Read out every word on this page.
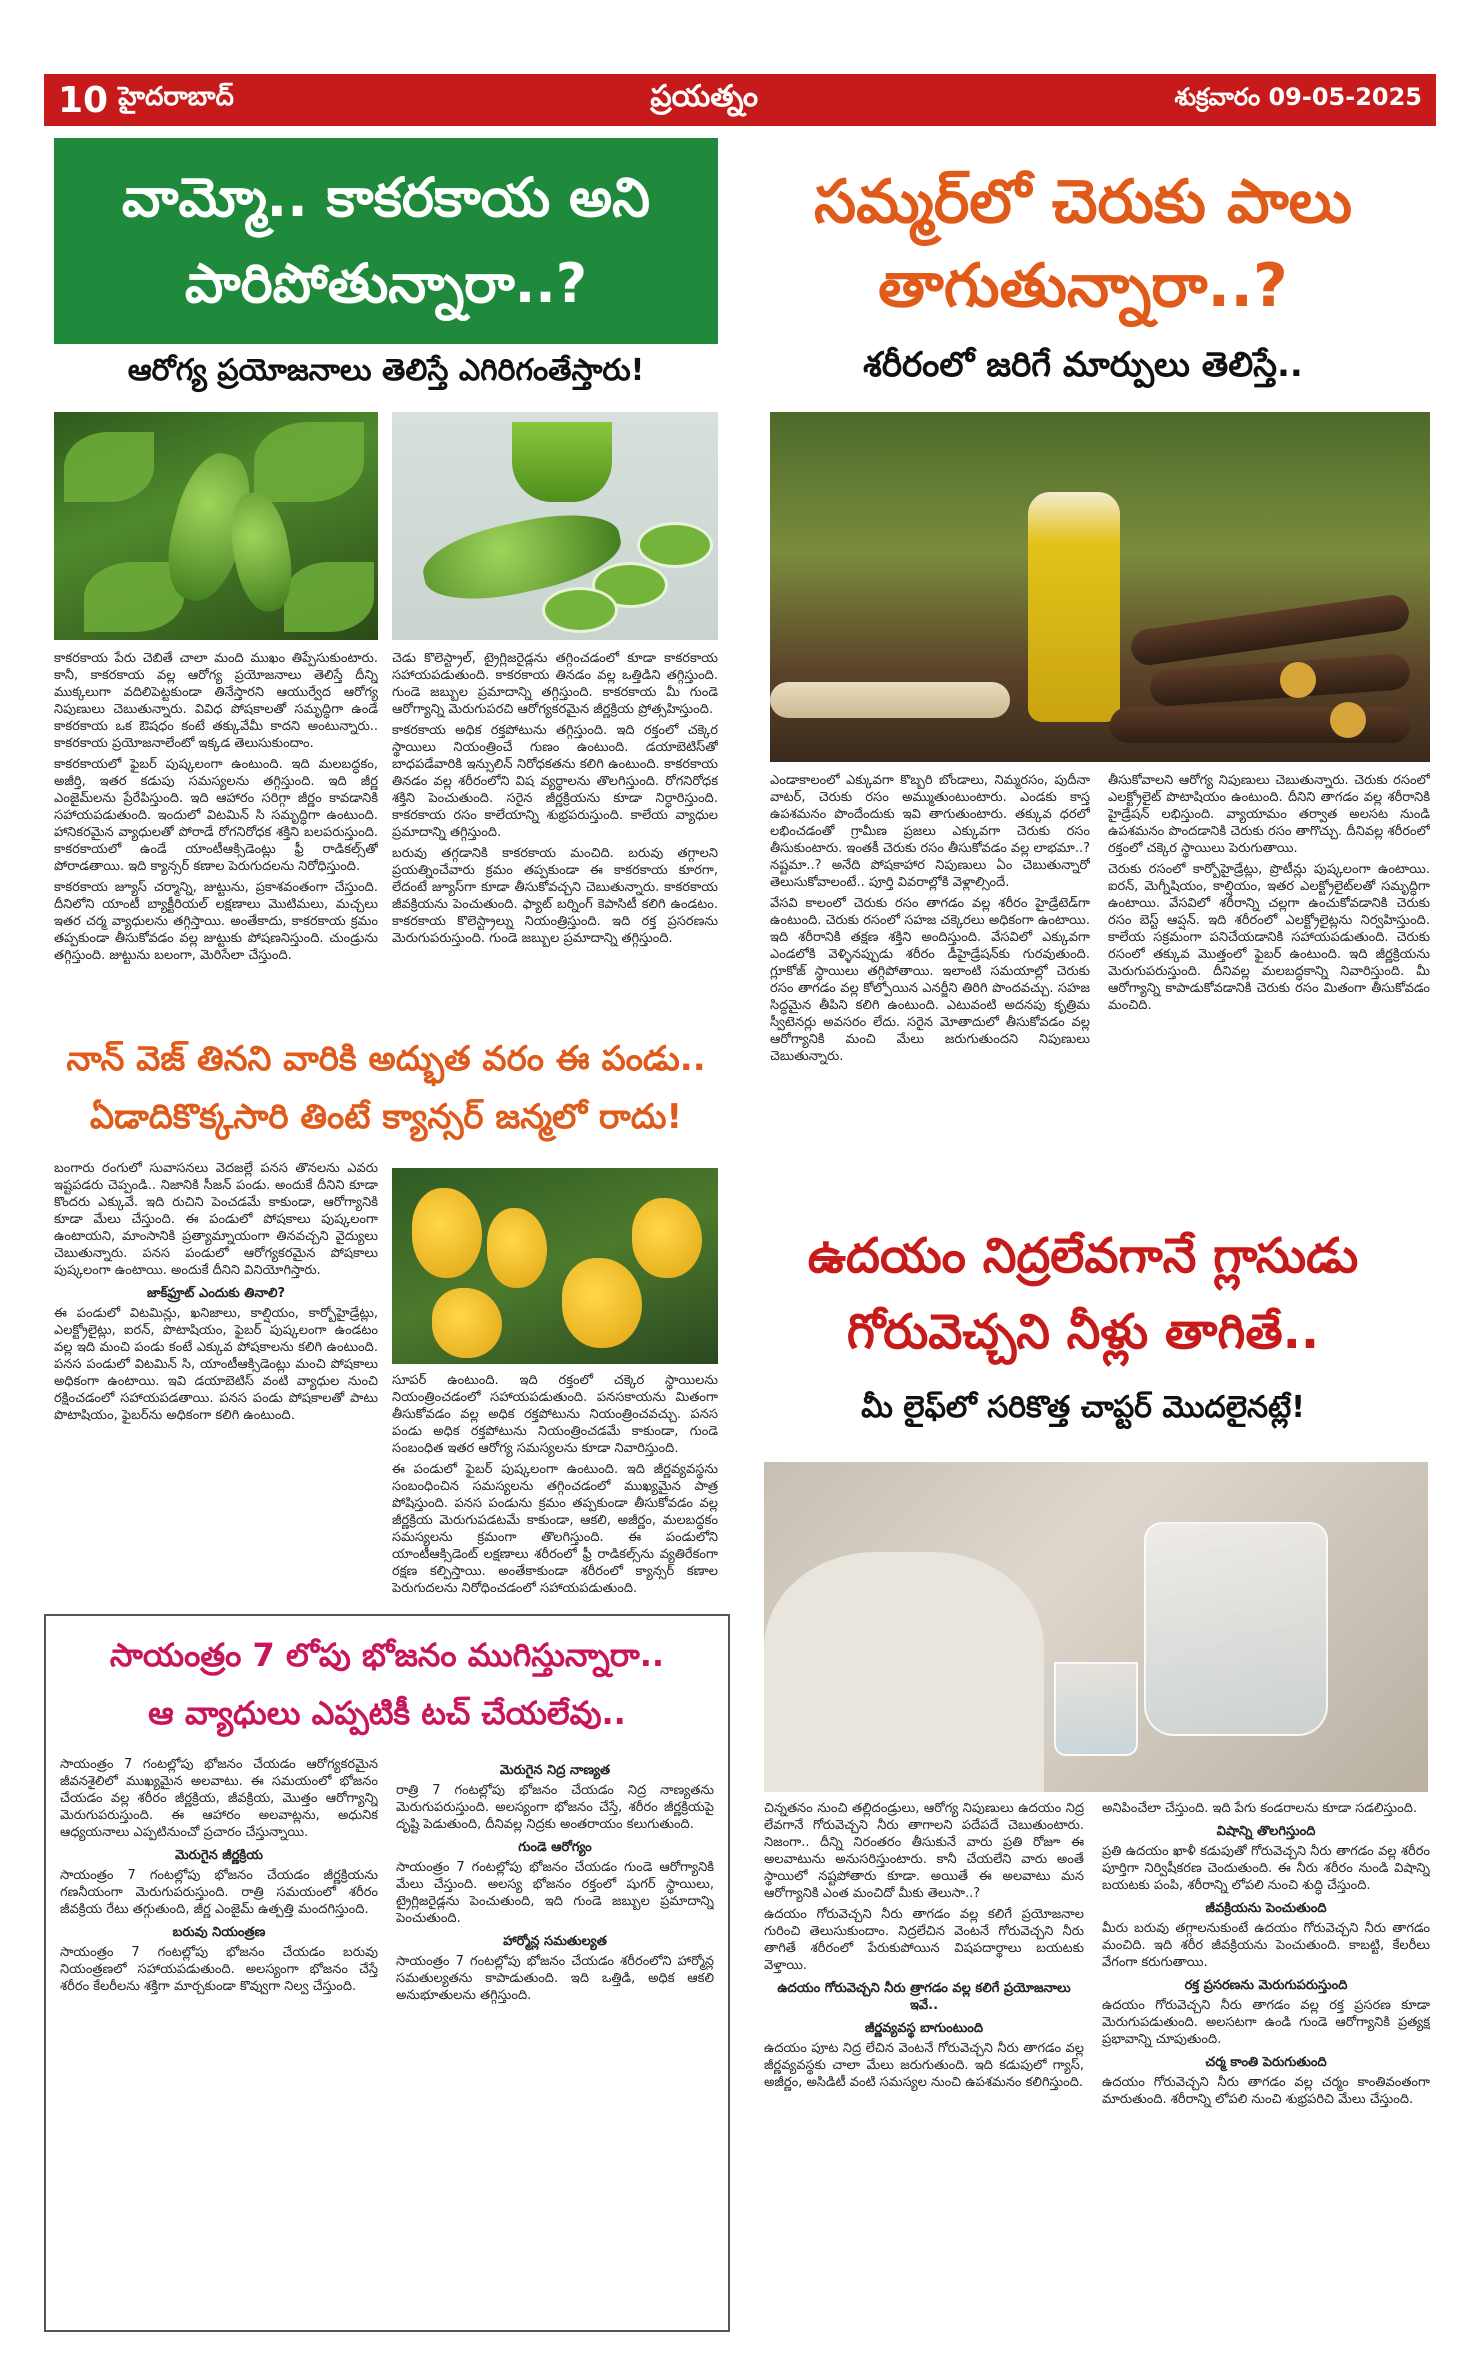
10 హైదరాబాద్	ప్రయత్నం	శుక్రవారం 09-05-2025
వామ్మో.. కాకరకాయ అని
పారిపోతున్నారా..?
ఆరోగ్య ప్రయోజనాలు తెలిస్తే ఎగిరిగంతేస్తారు!

కాకరకాయ పేరు చెబితే చాలా మంది ముఖం తిప్పేసుకుంటారు. కానీ, కాకరకాయ వల్ల ఆరోగ్య ప్రయోజనాలు తెలిస్తే దీన్ని ముక్కలుగా వదిలిపెట్టకుండా తినేస్తారని ఆయుర్వేద ఆరోగ్య నిపుణులు చెబుతున్నారు. వివిధ పోషకాలతో సమృద్ధిగా ఉండే కాకరకాయ ఒక ఔషధం కంటే తక్కువేమీ కాదని అంటున్నారు.. కాకరకాయ ప్రయోజనాలేంటో ఇక్కడ తెలుసుకుందాం.

కాకరకాయలో ఫైబర్ పుష్కలంగా ఉంటుంది. ఇది మలబద్ధకం, అజీర్తి, ఇతర కడుపు సమస్యలను తగ్గిస్తుంది. ఇది జీర్ణ ఎంజైమ్‌లను ప్రేరేపిస్తుంది. ఇది ఆహారం సరిగ్గా జీర్ణం కావడానికి సహాయపడుతుంది. ఇందులో విటమిన్ సి సమృద్ధిగా ఉంటుంది. హానికరమైన వ్యాధులతో పోరాడే రోగనిరోధక శక్తిని బలపరుస్తుంది. కాకరకాయలో ఉండే యాంటీఆక్సిడెంట్లు ఫ్రీ రాడికల్స్‌తో పోరాడతాయి. ఇది క్యాన్సర్ కణాల పెరుగుదలను నిరోధిస్తుంది.

కాకరకాయ జ్యూస్ చర్మాన్ని, జుట్టును, ప్రకాశవంతంగా చేస్తుంది. దీనిలోని యాంటీ బ్యాక్టీరియల్ లక్షణాలు మొటిమలు, మచ్చలు ఇతర చర్మ వ్యాధులను తగ్గిస్తాయి. అంతేకాదు, కాకరకాయ క్రమం తప్పకుండా తీసుకోవడం వల్ల జుట్టుకు పోషణనిస్తుంది. చుండ్రును తగ్గిస్తుంది. జుట్టును బలంగా, మెరిసేలా చేస్తుంది.

చెడు కొలెస్ట్రాల్, ట్రైగ్లిజరైడ్లను తగ్గించడంలో కూడా కాకరకాయ సహాయపడుతుంది. కాకరకాయ తినడం వల్ల ఒత్తిడిని తగ్గిస్తుంది. గుండె జబ్బుల ప్రమాదాన్ని తగ్గిస్తుంది. కాకరకాయ మీ గుండె ఆరోగ్యాన్ని మెరుగుపరచి ఆరోగ్యకరమైన జీర్ణక్రియ ప్రోత్సహిస్తుంది.

కాకరకాయ అధిక రక్తపోటును తగ్గిస్తుంది. ఇది రక్తంలో చక్కెర స్థాయిలు నియంత్రించే గుణం ఉంటుంది. డయాబెటిస్‌తో బాధపడేవారికి ఇన్సులిన్ నిరోధకతను కలిగి ఉంటుంది. కాకరకాయ తినడం వల్ల శరీరంలోని విష వ్యర్థాలను తొలగిస్తుంది. రోగనిరోధక శక్తిని పెంచుతుంది. సరైన జీర్ణక్రియను కూడా నిర్ధారిస్తుంది. కాకరకాయ రసం కాలేయాన్ని శుభ్రపరుస్తుంది. కాలేయ వ్యాధుల ప్రమాదాన్ని తగ్గిస్తుంది.

బరువు తగ్గడానికి కాకరకాయ మంచిది. బరువు తగ్గాలని ప్రయత్నించేవారు క్రమం తప్పకుండా ఈ కాకరకాయ కూరగా, లేదంటే జ్యూస్‌గా కూడా తీసుకోవచ్చని చెబుతున్నారు. కాకరకాయ జీవక్రియను పెంచుతుంది. ఫ్యాట్ బర్నింగ్ కెపాసిటీ కలిగి ఉండటం. కాకరకాయ కొలెస్ట్రాల్ను నియంత్రిస్తుంది. ఇది రక్త ప్రసరణను మెరుగుపరుస్తుంది. గుండె జబ్బుల ప్రమాదాన్ని తగ్గిస్తుంది.

సమ్మర్‌లో చెరుకు పాలు
తాగుతున్నారా..?
శరీరంలో జరిగే మార్పులు తెలిస్తే..

ఎండాకాలంలో ఎక్కువగా కొబ్బరి బోండాలు, నిమ్మరసం, పుదీనా వాటర్, చెరుకు రసం అమ్ముతుంటుంటారు. ఎండకు కాస్త ఉపశమనం పొందేందుకు ఇవి తాగుతుంటారు. తక్కువ ధరలో లభించడంతో గ్రామీణ ప్రజలు ఎక్కువగా చెరుకు రసం తీసుకుంటారు. ఇంతకీ చెరుకు రసం తీసుకోవడం వల్ల లాభమా..? నష్టమా..? అనేది పోషకాహార నిపుణులు ఏం చెబుతున్నారో తెలుసుకోవాలంటే.. పూర్తి వివరాల్లోకి వెళ్లాల్సిందే.

వేసవి కాలంలో చెరుకు రసం తాగడం వల్ల శరీరం హైడ్రేటెడ్‌గా ఉంటుంది. చెరుకు రసంలో సహజ చక్కెరలు అధికంగా ఉంటాయి. ఇది శరీరానికి తక్షణ శక్తిని అందిస్తుంది. వేసవిలో ఎక్కువగా ఎండలోకి వెళ్ళినప్పుడు శరీరం డీహైడ్రేషన్‌కు గురవుతుంది. గ్లూకోజ్ స్థాయిలు తగ్గిపోతాయి. ఇలాంటి సమయాల్లో చెరుకు రసం తాగడం వల్ల కోల్పోయిన ఎనర్జీని తిరిగి పొందవచ్చు. సహజ సిద్ధమైన తీపిని కలిగి ఉంటుంది. ఎటువంటి అదనపు కృత్రిమ స్వీటెనర్లు అవసరం లేదు. సరైన మోతాదులో తీసుకోవడం వల్ల ఆరోగ్యానికి మంచి మేలు జరుగుతుందని నిపుణులు చెబుతున్నారు.

తీసుకోవాలని ఆరోగ్య నిపుణులు చెబుతున్నారు. చెరుకు రసంలో ఎలక్ట్రోలైట్ పొటాషియం ఉంటుంది. దీనిని తాగడం వల్ల శరీరానికి హైడ్రేషన్ లభిస్తుంది. వ్యాయామం తర్వాత అలసట నుండి ఉపశమనం పొందడానికి చెరుకు రసం తాగొచ్చు. దీనివల్ల శరీరంలో రక్తంలో చక్కెర స్థాయిలు పెరుగుతాయి.

చెరుకు రసంలో కార్బోహైడ్రేట్లు, ప్రొటీన్లు పుష్కలంగా ఉంటాయి. ఐరన్, మెగ్నీషియం, కాల్షియం, ఇతర ఎలక్ట్రోలైట్‌లతో సమృద్ధిగా ఉంటాయి. వేసవిలో శరీరాన్ని చల్లగా ఉంచుకోవడానికి చెరుకు రసం బెస్ట్ ఆప్షన్. ఇది శరీరంలో ఎలక్ట్రోలైట్లను నిర్వహిస్తుంది. కాలేయ సక్రమంగా పనిచేయడానికి సహాయపడుతుంది. చెరుకు రసంలో తక్కువ మొత్తంలో ఫైబర్ ఉంటుంది. ఇది జీర్ణక్రియను మెరుగుపరుస్తుంది. దీనివల్ల మలబద్ధకాన్ని నివారిస్తుంది. మీ ఆరోగ్యాన్ని కాపాడుకోవడానికి చెరుకు రసం మితంగా తీసుకోవడం మంచిది.

నాన్ వెజ్ తినని వారికి అద్భుత వరం ఈ పండు..
ఏడాదికొక్కసారి తింటే క్యాన్సర్ జన్మలో రాదు!

బంగారు రంగులో సువాసనలు వెదజల్లే పనస తొనలను ఎవరు ఇష్టపడరు చెప్పండి.. నిజానికి సీజన్ పండు. అందుకే దీనిని కూడా కొందరు ఎక్కువే. ఇది రుచిని పెంచడమే కాకుండా, ఆరోగ్యానికి కూడా మేలు చేస్తుంది. ఈ పండులో పోషకాలు పుష్కలంగా ఉంటాయని, మాంసానికి ప్రత్యామ్నాయంగా తినవచ్చని వైద్యులు చెబుతున్నారు. పనస పండులో ఆరోగ్యకరమైన పోషకాలు పుష్కలంగా ఉంటాయి. అందుకే దీనిని వినియోగిస్తారు.

జాక్‌ఫ్రూట్ ఎందుకు తినాలి?

ఈ పండులో విటమిన్లు, ఖనిజాలు, కాల్షియం, కార్బోహైడ్రేట్లు, ఎలక్ట్రోలైట్లు, ఐరన్, పొటాషియం, ఫైబర్ పుష్కలంగా ఉండటం వల్ల ఇది మంచి పండు కంటే ఎక్కువ పోషకాలను కలిగి ఉంటుంది. పనస పండులో విటమిన్ సి, యాంటీఆక్సిడెంట్లు మంచి పోషకాలు అధికంగా ఉంటాయి. ఇవి డయాబెటిస్ వంటి వ్యాధుల నుంచి రక్షించడంలో సహాయపడతాయి. పనస పండు పోషకాలతో పాటు పొటాషియం, ఫైబర్‌ను అధికంగా కలిగి ఉంటుంది.

సూపర్ ఉంటుంది. ఇది రక్తంలో చక్కెర స్థాయిలను నియంత్రించడంలో సహాయపడుతుంది. పనసకాయను మితంగా తీసుకోవడం వల్ల అధిక రక్తపోటును నియంత్రించవచ్చు. పనస పండు అధిక రక్తపోటును నియంత్రించడమే కాకుండా, గుండె సంబంధిత ఇతర ఆరోగ్య సమస్యలను కూడా నివారిస్తుంది.

ఈ పండులో ఫైబర్ పుష్కలంగా ఉంటుంది. ఇది జీర్ణవ్యవస్థను సంబంధించిన సమస్యలను తగ్గించడంలో ముఖ్యమైన పాత్ర పోషిస్తుంది. పనస పండును క్రమం తప్పకుండా తీసుకోవడం వల్ల జీర్ణక్రియ మెరుగుపడటమే కాకుండా, ఆకలి, అజీర్ణం, మలబద్ధకం సమస్యలను క్రమంగా తొలగిస్తుంది. ఈ పండులోని యాంటీఆక్సిడెంట్ లక్షణాలు శరీరంలో ఫ్రీ రాడికల్స్‌ను వ్యతిరేకంగా రక్షణ కల్పిస్తాయి. అంతేకాకుండా శరీరంలో క్యాన్సర్ కణాల పెరుగుదలను నిరోధించడంలో సహాయపడుతుంది.

ఉదయం నిద్రలేవగానే గ్లాసుడు
గోరువెచ్చని నీళ్లు తాగితే..
మీ లైఫ్‌లో సరికొత్త చాప్టర్ మొదలైనట్లే!

చిన్నతనం నుంచి తల్లిదండ్రులు, ఆరోగ్య నిపుణులు ఉదయం నిద్ర లేవగానే గోరువెచ్చని నీరు తాగాలని పదేపదే చెబుతుంటారు. నిజంగా.. దీన్ని నిరంతరం తీసుకునే వారు ప్రతి రోజూ ఈ అలవాటును అనుసరిస్తుంటారు. కానీ చేయలేని వారు అంతే స్థాయిలో నష్టపోతారు కూడా. అయితే ఈ అలవాటు మన ఆరోగ్యానికి ఎంత మంచిదో మీకు తెలుసా..?

ఉదయం గోరువెచ్చని నీరు తాగడం వల్ల కలిగే ప్రయోజనాల గురించి తెలుసుకుందాం. నిద్రలేచిన వెంటనే గోరువెచ్చని నీరు తాగితే శరీరంలో పేరుకుపోయిన విషపదార్థాలు బయటకు వెళ్తాయి.

ఉదయం గోరువెచ్చని నీరు త్రాగడం వల్ల కలిగే ప్రయోజనాలు ఇవే..
జీర్ణవ్యవస్థ బాగుంటుంది

ఉదయం పూట నిద్ర లేచిన వెంటనే గోరువెచ్చని నీరు తాగడం వల్ల జీర్ణవ్యవస్థకు చాలా మేలు జరుగుతుంది. ఇది కడుపులో గ్యాస్, అజీర్ణం, అసిడిటీ వంటి సమస్యల నుంచి ఉపశమనం కలిగిస్తుంది.

అనిపించేలా చేస్తుంది. ఇది పేగు కండరాలను కూడా సడలిస్తుంది.

విషాన్ని తొలగిస్తుంది

ప్రతి ఉదయం ఖాళీ కడుపుతో గోరువెచ్చని నీరు తాగడం వల్ల శరీరం పూర్తిగా నిర్విషీకరణ చెందుతుంది. ఈ నీరు శరీరం నుండి విషాన్ని బయటకు పంపి, శరీరాన్ని లోపలి నుంచి శుద్ధి చేస్తుంది.

జీవక్రియను పెంచుతుంది

మీరు బరువు తగ్గాలనుకుంటే ఉదయం గోరువెచ్చని నీరు తాగడం మంచిది. ఇది శరీర జీవక్రియను పెంచుతుంది. కాబట్టి, కేలరీలు వేగంగా కరుగుతాయి.

రక్త ప్రసరణను మెరుగుపరుస్తుంది

ఉదయం గోరువెచ్చని నీరు తాగడం వల్ల రక్త ప్రసరణ కూడా మెరుగుపడుతుంది. అలసటగా ఉండి గుండె ఆరోగ్యానికి ప్రత్యక్ష ప్రభావాన్ని చూపుతుంది.

చర్మ కాంతి పెరుగుతుంది

ఉదయం గోరువెచ్చని నీరు తాగడం వల్ల చర్మం కాంతివంతంగా మారుతుంది. శరీరాన్ని లోపలి నుంచి శుభ్రపరిచి మేలు చేస్తుంది.

సాయంత్రం 7 లోపు భోజనం ముగిస్తున్నారా..
ఆ వ్యాధులు ఎప్పటికీ టచ్ చేయలేవు..

సాయంత్రం 7 గంటల్లోపు భోజనం చేయడం ఆరోగ్యకరమైన జీవనశైలిలో ముఖ్యమైన అలవాటు. ఈ సమయంలో భోజనం చేయడం వల్ల శరీరం జీర్ణక్రియ, జీవక్రియ, మొత్తం ఆరోగ్యాన్ని మెరుగుపరుస్తుంది. ఈ ఆహారం అలవాట్లను, అధునిక ఆధ్యయనాలు ఎప్పటినుంచో ప్రచారం చేస్తున్నాయి.

మెరుగైన జీర్ణక్రియ

సాయంత్రం 7 గంటల్లోపు భోజనం చేయడం జీర్ణక్రియను గణనీయంగా మెరుగుపరుస్తుంది. రాత్రి సమయంలో శరీరం జీవక్రియ రేటు తగ్గుతుంది, జీర్ణ ఎంజైమ్‌ ఉత్పత్తి మందగిస్తుంది.

బరువు నియంత్రణ

సాయంత్రం 7 గంటల్లోపు భోజనం చేయడం బరువు నియంత్రణలో సహాయపడుతుంది. అలస్యంగా భోజనం చేస్తే శరీరం కేలరీలను శక్తిగా మార్చకుండా కొవ్వుగా నిల్వ చేస్తుంది.

మెరుగైన నిద్ర నాణ్యత

రాత్రి 7 గంటల్లోపు భోజనం చేయడం నిద్ర నాణ్యతను మెరుగుపరుస్తుంది. అలస్యంగా భోజనం చేస్తే, శరీరం జీర్ణక్రియపై దృష్టి పెడుతుంది, దీనివల్ల నిద్రకు అంతరాయం కలుగుతుంది.

గుండె ఆరోగ్యం

సాయంత్రం 7 గంటల్లోపు భోజనం చేయడం గుండె ఆరోగ్యానికి మేలు చేస్తుంది. అలస్య భోజనం రక్తంలో షుగర్ స్థాయిలు, ట్రైగ్లిజరైడ్లను పెంచుతుంది, ఇది గుండె జబ్బుల ప్రమాదాన్ని పెంచుతుంది.

హార్మోన్ల సమతుల్యత

సాయంత్రం 7 గంటల్లోపు భోజనం చేయడం శరీరంలోని హార్మోన్ల సమతుల్యతను కాపాడుతుంది. ఇది ఒత్తిడి, అధిక ఆకలి అనుభూతులను తగ్గిస్తుంది.
